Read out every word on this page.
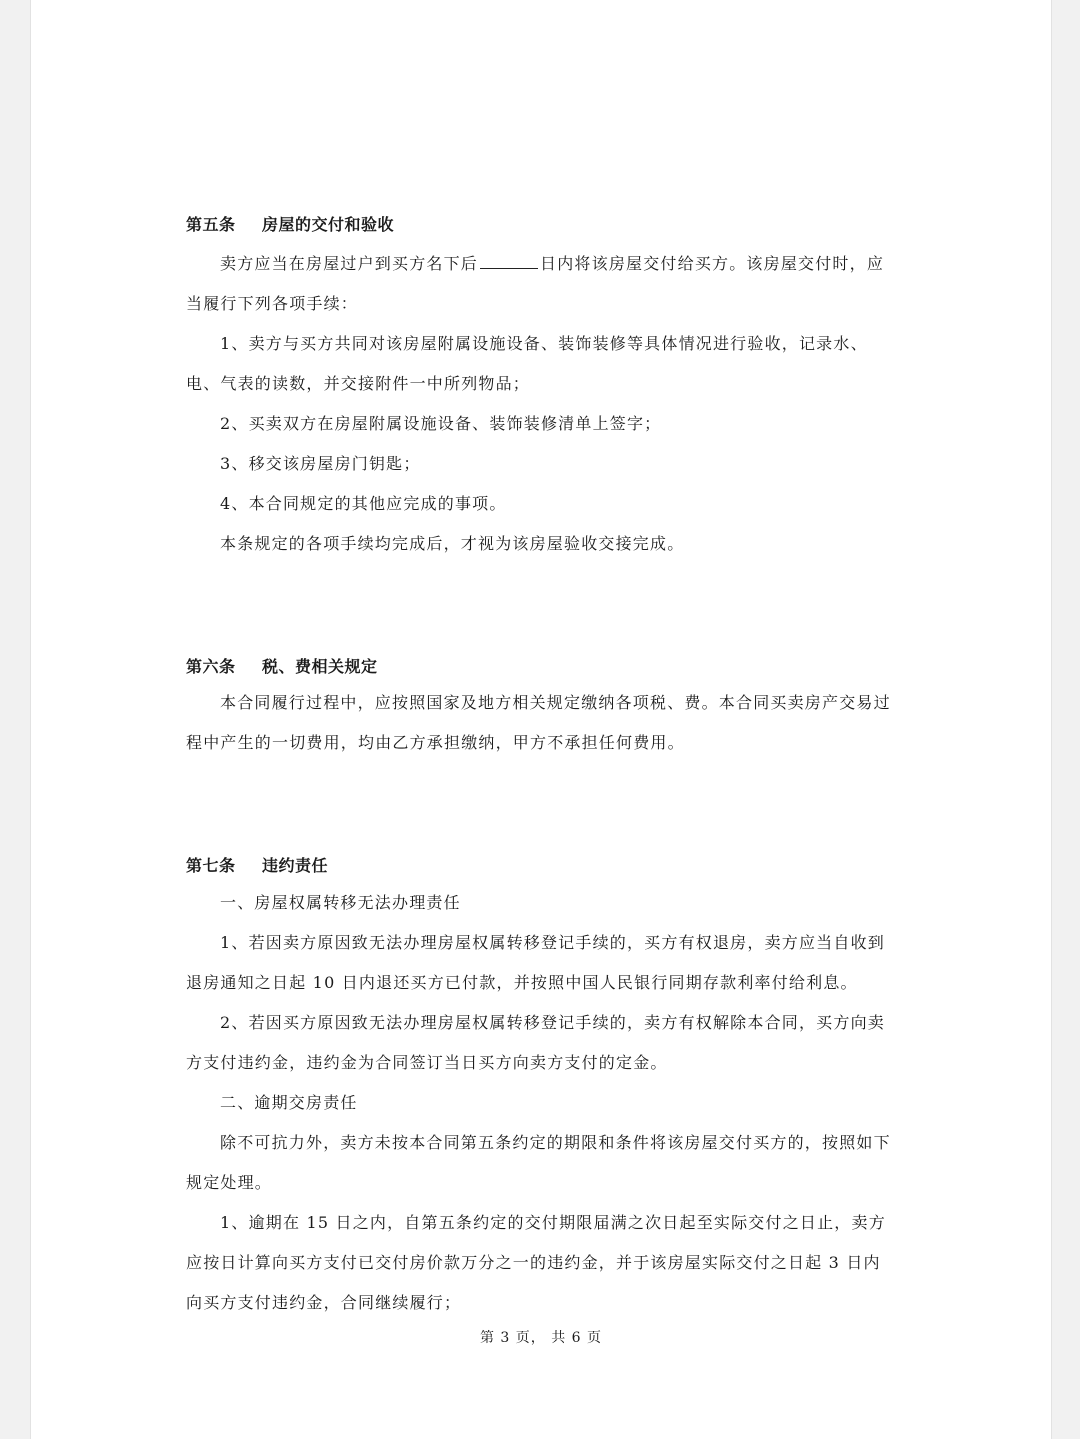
第五条 房屋的交付和验收

卖方应当在房屋过户到买方名下后	日内将该房屋交付给买方。该房屋交付时，应当履行下列各项手续：

1、卖方与买方共同对该房屋附属设施设备、装饰装修等具体情况进行验收，记录水、电、气表的读数，并交接附件一中所列物品；

2、买卖双方在房屋附属设施设备、装饰装修清单上签字；

3、移交该房屋房门钥匙；

4、本合同规定的其他应完成的事项。

本条规定的各项手续均完成后，才视为该房屋验收交接完成。

第六条 税、费相关规定

本合同履行过程中，应按照国家及地方相关规定缴纳各项税、费。本合同买卖房产交易过程中产生的一切费用，均由乙方承担缴纳，甲方不承担任何费用。

第七条 违约责任

一、房屋权属转移无法办理责任

1、若因卖方原因致无法办理房屋权属转移登记手续的，买方有权退房，卖方应当自收到退房通知之日起 10 日内退还买方已付款，并按照中国人民银行同期存款利率付给利息。

2、若因买方原因致无法办理房屋权属转移登记手续的，卖方有权解除本合同，买方向卖方支付违约金，违约金为合同签订当日买方向卖方支付的定金。

二、逾期交房责任

除不可抗力外，卖方未按本合同第五条约定的期限和条件将该房屋交付买方的，按照如下规定处理。

1、逾期在 15 日之内，自第五条约定的交付期限届满之次日起至实际交付之日止，卖方应按日计算向买方支付已交付房价款万分之一的违约金，并于该房屋实际交付之日起 3 日内向买方支付违约金，合同继续履行；

第 3 页， 共 6 页
